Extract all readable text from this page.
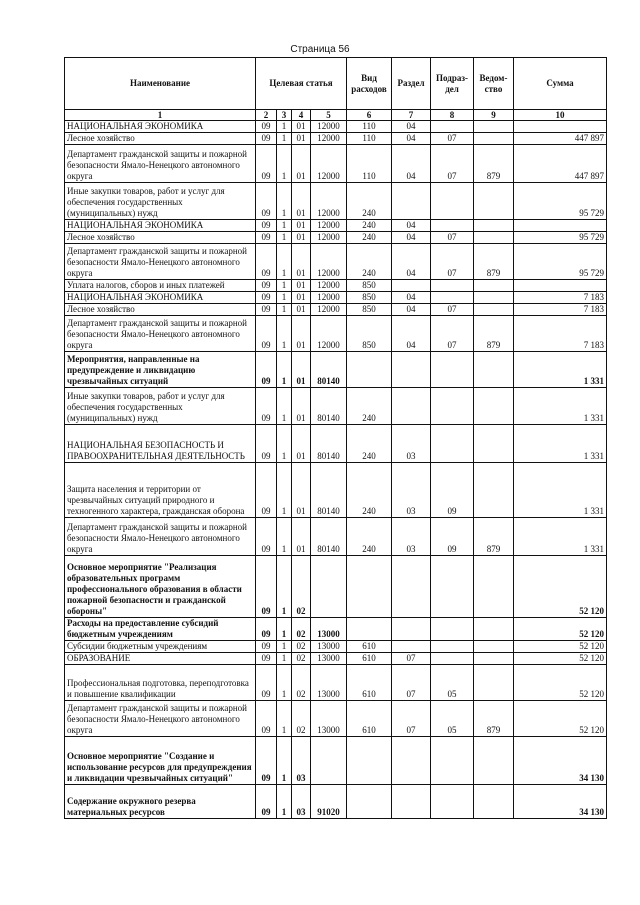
Страница 56
Наименование	Целевая статья				Вид расходов	Раздел	Подраз-дел	Ведом-ство	Сумма
1	2	3	4	5	6	7	8	9	10
НАЦИОНАЛЬНАЯ ЭКОНОМИКА	09	1	01	12000	110	04			
Лесное хозяйство	09	1	01	12000	110	04	07		447 897
Департамент гражданской защиты и пожарной безопасности Ямало-Ненецкого автономного округа	09	1	01	12000	110	04	07	879	447 897
Иные закупки товаров, работ и услуг для обеспечения государственных (муниципальных) нужд	09	1	01	12000	240				95 729
НАЦИОНАЛЬНАЯ ЭКОНОМИКА	09	1	01	12000	240	04			
Лесное хозяйство	09	1	01	12000	240	04	07		95 729
Департамент гражданской защиты и пожарной безопасности Ямало-Ненецкого автономного округа	09	1	01	12000	240	04	07	879	95 729
Уплата налогов, сборов и иных платежей	09	1	01	12000	850				
НАЦИОНАЛЬНАЯ ЭКОНОМИКА	09	1	01	12000	850	04			7 183
Лесное хозяйство	09	1	01	12000	850	04	07		7 183
Департамент гражданской защиты и пожарной безопасности Ямало-Ненецкого автономного округа	09	1	01	12000	850	04	07	879	7 183
Мероприятия, направленные на предупреждение и ликвидацию чрезвычайных ситуаций	09	1	01	80140					1 331
Иные закупки товаров, работ и услуг для обеспечения государственных (муниципальных) нужд	09	1	01	80140	240				1 331
НАЦИОНАЛЬНАЯ БЕЗОПАСНОСТЬ И ПРАВООХРАНИТЕЛЬНАЯ ДЕЯТЕЛЬНОСТЬ	09	1	01	80140	240	03			1 331
Защита населения и территории от чрезвычайных ситуаций природного и техногенного характера, гражданская оборона	09	1	01	80140	240	03	09		1 331
Департамент гражданской защиты и пожарной безопасности Ямало-Ненецкого автономного округа	09	1	01	80140	240	03	09	879	1 331
Основное мероприятие "Реализация образовательных программ профессионального образования в области пожарной безопасности и гражданской обороны"	09	1	02						52 120
Расходы на предоставление субсидий бюджетным учреждениям	09	1	02	13000					52 120
Субсидии бюджетным учреждениям	09	1	02	13000	610				52 120
ОБРАЗОВАНИЕ	09	1	02	13000	610	07			52 120
Профессиональная подготовка, переподготовка и повышение квалификации	09	1	02	13000	610	07	05		52 120
Департамент гражданской защиты и пожарной безопасности Ямало-Ненецкого автономного округа	09	1	02	13000	610	07	05	879	52 120
Основное мероприятие "Создание и использование ресурсов для предупреждения и ликвидации чрезвычайных ситуаций"	09	1	03						34 130
Содержание окружного резерва материальных ресурсов	09	1	03	91020					34 130
